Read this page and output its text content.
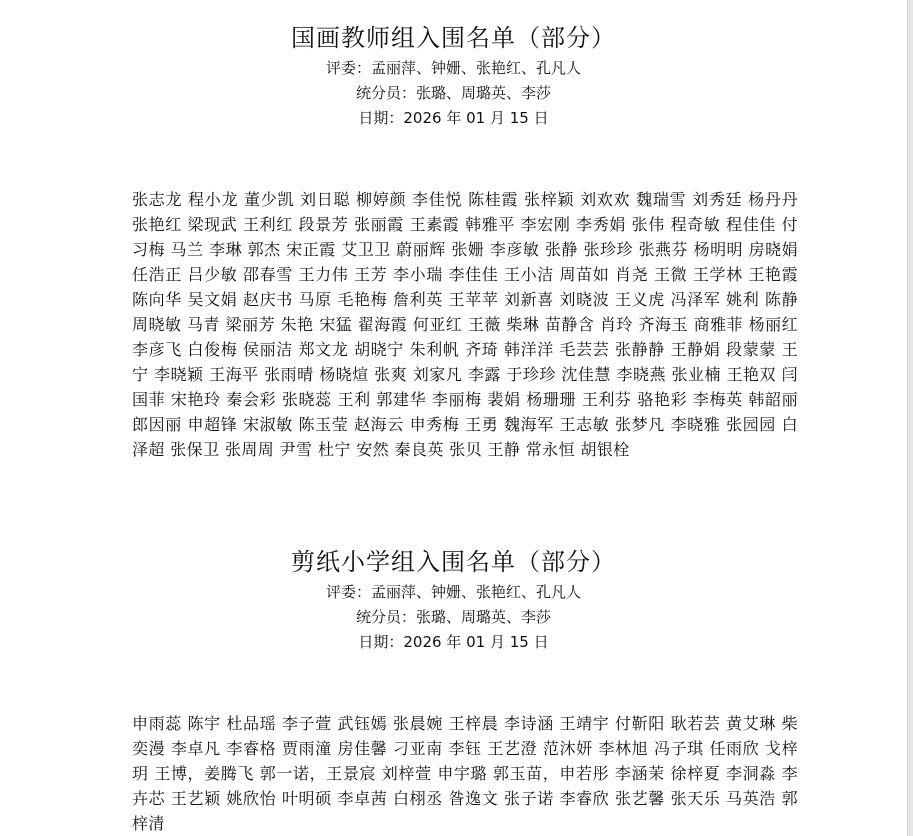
国画教师组入围名单（部分）
评委：孟丽萍、钟姗、张艳红、孔凡人
统分员：张璐、周璐英、李莎
日期：2026 年 01 月 15 日
张志龙 程小龙 董少凯 刘日聪 柳婷颜 李佳悦 陈桂霞 张梓颖 刘欢欢 魏瑞雪 刘秀廷 杨丹丹 张艳红 梁现武 王利红 段景芳 张丽霞 王素霞 韩雅平 李宏刚 李秀娟 张伟 程奇敏 程佳佳 付习梅 马兰 李琳 郭杰 宋正霞 艾卫卫 蔚丽辉 张姗 李彦敏 张静 张珍珍 张燕芬 杨明明 房晓娟 任浩正 吕少敏 邵春雪 王力伟 王芳 李小瑞 李佳佳 王小洁 周苗如 肖尧 王微 王学林 王艳霞 陈向华 吴文娟 赵庆书 马原 毛艳梅 詹利英 王苹苹 刘新喜 刘晓波 王义虎 冯泽军 姚利 陈静 周晓敏 马青 梁丽芳 朱艳 宋猛 翟海霞 何亚红 王薇 柴琳 苗静含 肖玲 齐海玉 商雅菲 杨丽红 李彦飞 白俊梅 侯丽洁 郑文龙 胡晓宁 朱利帆 齐琦 韩洋洋 毛芸芸 张静静 王静娟 段蒙蒙 王宁 李晓颖 王海平 张雨晴 杨晓煊 张爽 刘家凡 李露 于珍珍 沈佳慧 李晓燕 张业楠 王艳双 闫国菲 宋艳玲 秦会彩 张晓蕊 王利 郭建华 李丽梅 裴娟 杨珊珊 王利芬 骆艳彩 李梅英 韩韶丽 郎因丽 申超锋 宋淑敏 陈玉莹 赵海云 申秀梅 王勇 魏海军 王志敏 张梦凡 李晓雅 张园园 白泽超 张保卫 张周周 尹雪 杜宁 安然 秦良英 张贝 王静 常永恒 胡银栓
剪纸小学组入围名单（部分）
评委：孟丽萍、钟姗、张艳红、孔凡人
统分员：张璐、周璐英、李莎
日期：2026 年 01 月 15 日
申雨蕊 陈宇 杜品瑶 李子萱 武钰嫣 张晨婉 王梓晨 李诗涵 王靖宇 付靳阳 耿若芸 黄艾琳 柴奕漫 李卓凡 李睿格 贾雨潼 房佳馨 刁亚南 李钰 王艺澄 范沐妍 李林旭 冯子琪 任雨欣 戈梓玥 王博，姜腾飞 郭一诺，王景宸 刘梓萱 申宇璐 郭玉苗，申若彤 李涵茉 徐梓夏 李洞淼 李卉芯 王艺颖 姚欣怡 叶明硕 李卓茜 白栩丞 昝逸文 张子诺 李睿欣 张艺馨 张天乐 马英浩 郭梓清
